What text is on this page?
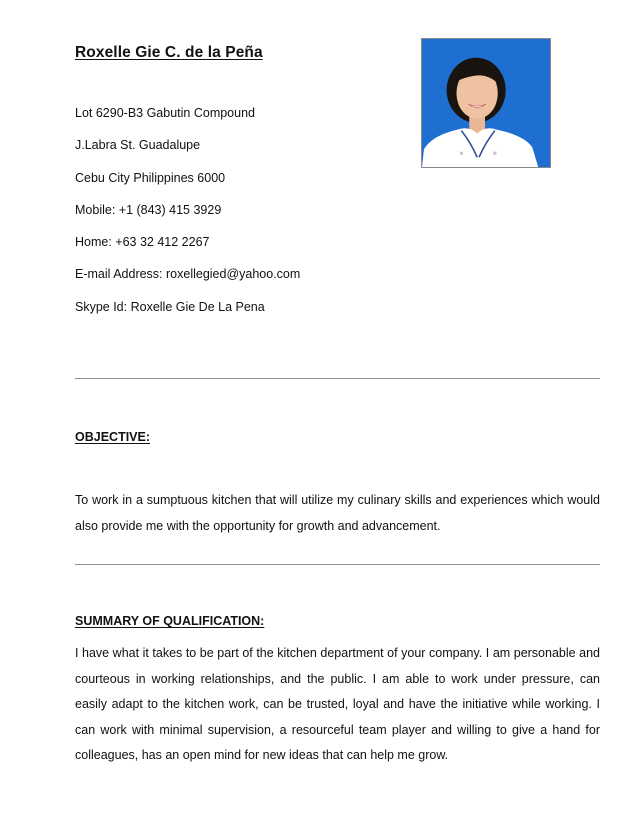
Roxelle Gie C. de la Peña
Lot 6290-B3 Gabutin Compound
J.Labra St. Guadalupe
Cebu City Philippines 6000
Mobile: +1 (843) 415 3929
Home: +63 32 412 2267
E-mail Address: roxellegied@yahoo.com
Skype Id: Roxelle Gie De La Pena
OBJECTIVE:

To work in a sumptuous kitchen that will utilize my culinary skills and experiences which would also provide me with the opportunity for growth and advancement.

SUMMARY OF QUALIFICATION:

I have what it takes to be part of the kitchen department of your company. I am personable and courteous in working relationships, and the public. I am able to work under pressure, can easily adapt to the kitchen work, can be trusted, loyal and have the initiative while working. I can work with minimal supervision, a resourceful team player and willing to give a hand for colleagues, has an open mind for new ideas that can help me grow.
